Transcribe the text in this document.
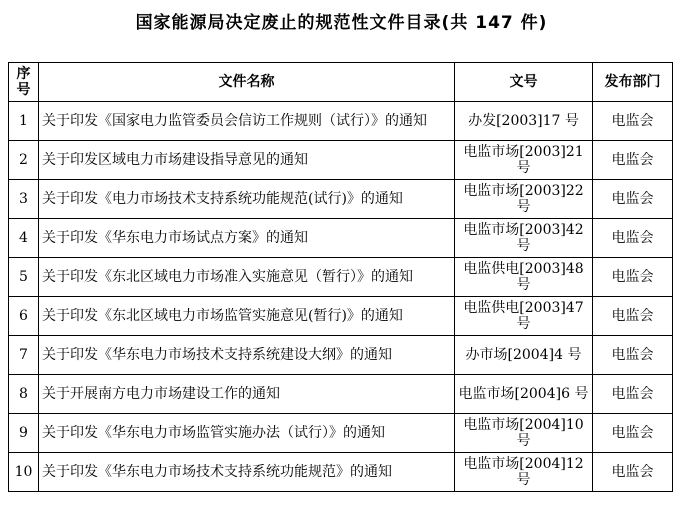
国家能源局决定废止的规范性文件目录(共 147 件)
序号	文件名称	文号	发布部门
1	关于印发《国家电力监管委员会信访工作规则（试行）》的通知	办发[2003]17 号	电监会
2	关于印发区域电力市场建设指导意见的通知	电监市场[2003]21 号	电监会
3	关于印发《电力市场技术支持系统功能规范(试行)》的通知	电监市场[2003]22 号	电监会
4	关于印发《华东电力市场试点方案》的通知	电监市场[2003]42 号	电监会
5	关于印发《东北区域电力市场准入实施意见（暂行）》的通知	电监供电[2003]48 号	电监会
6	关于印发《东北区域电力市场监管实施意见(暂行)》的通知	电监供电[2003]47 号	电监会
7	关于印发《华东电力市场技术支持系统建设大纲》的通知	办市场[2004]4 号	电监会
8	关于开展南方电力市场建设工作的通知	电监市场[2004]6 号	电监会
9	关于印发《华东电力市场监管实施办法（试行）》的通知	电监市场[2004]10 号	电监会
10	关于印发《华东电力市场技术支持系统功能规范》的通知	电监市场[2004]12 号	电监会
